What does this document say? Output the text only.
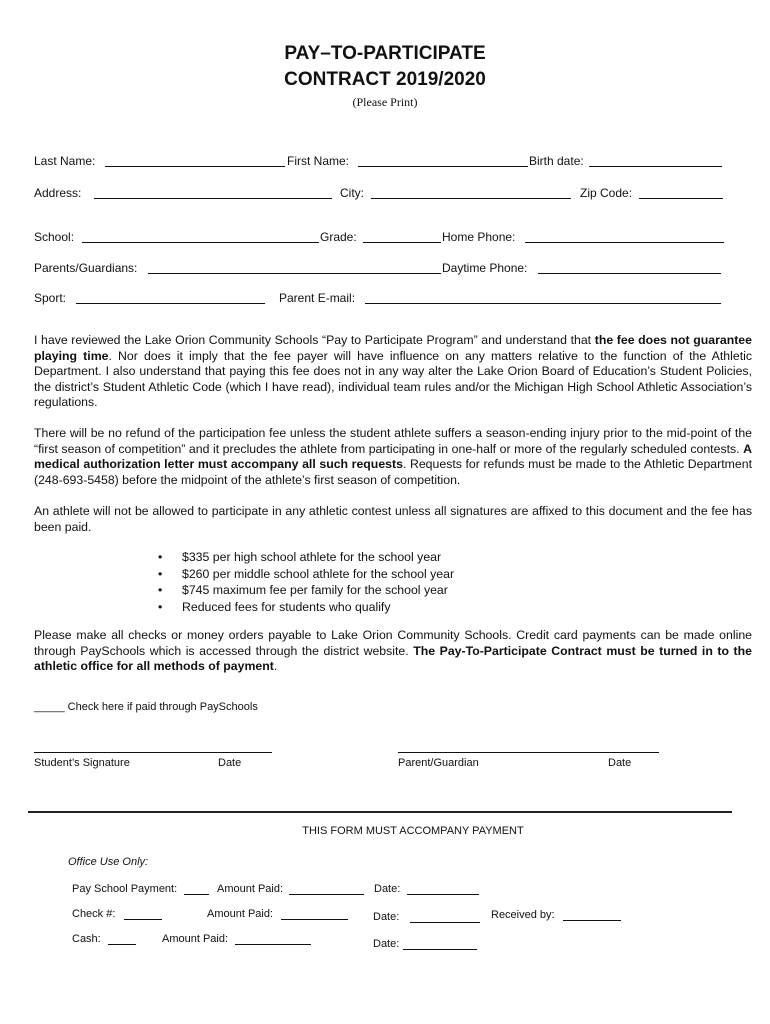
PAY–TO-PARTICIPATE
CONTRACT 2019/2020
(Please Print)
Last Name:	First Name:	Birth date:
Address:	City:	Zip Code:
School:	Grade:	Home Phone:
Parents/Guardians:	Daytime Phone:
Sport:	Parent E-mail:

I have reviewed the Lake Orion Community Schools “Pay to Participate Program” and understand that the fee does not guarantee playing time. Nor does it imply that the fee payer will have influence on any matters relative to the function of the Athletic Department. I also understand that paying this fee does not in any way alter the Lake Orion Board of Education’s Student Policies, the district’s Student Athletic Code (which I have read), individual team rules and/or the Michigan High School Athletic Association’s regulations.

There will be no refund of the participation fee unless the student athlete suffers a season-ending injury prior to the mid-point of the “first season of competition” and it precludes the athlete from participating in one-half or more of the regularly scheduled contests. A medical authorization letter must accompany all such requests. Requests for refunds must be made to the Athletic Department (248-693-5458) before the midpoint of the athlete’s first season of competition.

An athlete will not be allowed to participate in any athletic contest unless all signatures are affixed to this document and the fee has been paid.

• $335 per high school athlete for the school year
• $260 per middle school athlete for the school year
• $745 maximum fee per family for the school year
• Reduced fees for students who qualify

Please make all checks or money orders payable to Lake Orion Community Schools. Credit card payments can be made online through PaySchools which is accessed through the district website. The Pay-To-Participate Contract must be turned in to the athletic office for all methods of payment.

_____ Check here if paid through PaySchools
Student’s Signature	Date	Parent/Guardian	Date
THIS FORM MUST ACCOMPANY PAYMENT
Office Use Only:
Pay School Payment:	Amount Paid:	Date:
Check #:	Amount Paid:	Date:	Received by:
Cash:	Amount Paid:	Date:
